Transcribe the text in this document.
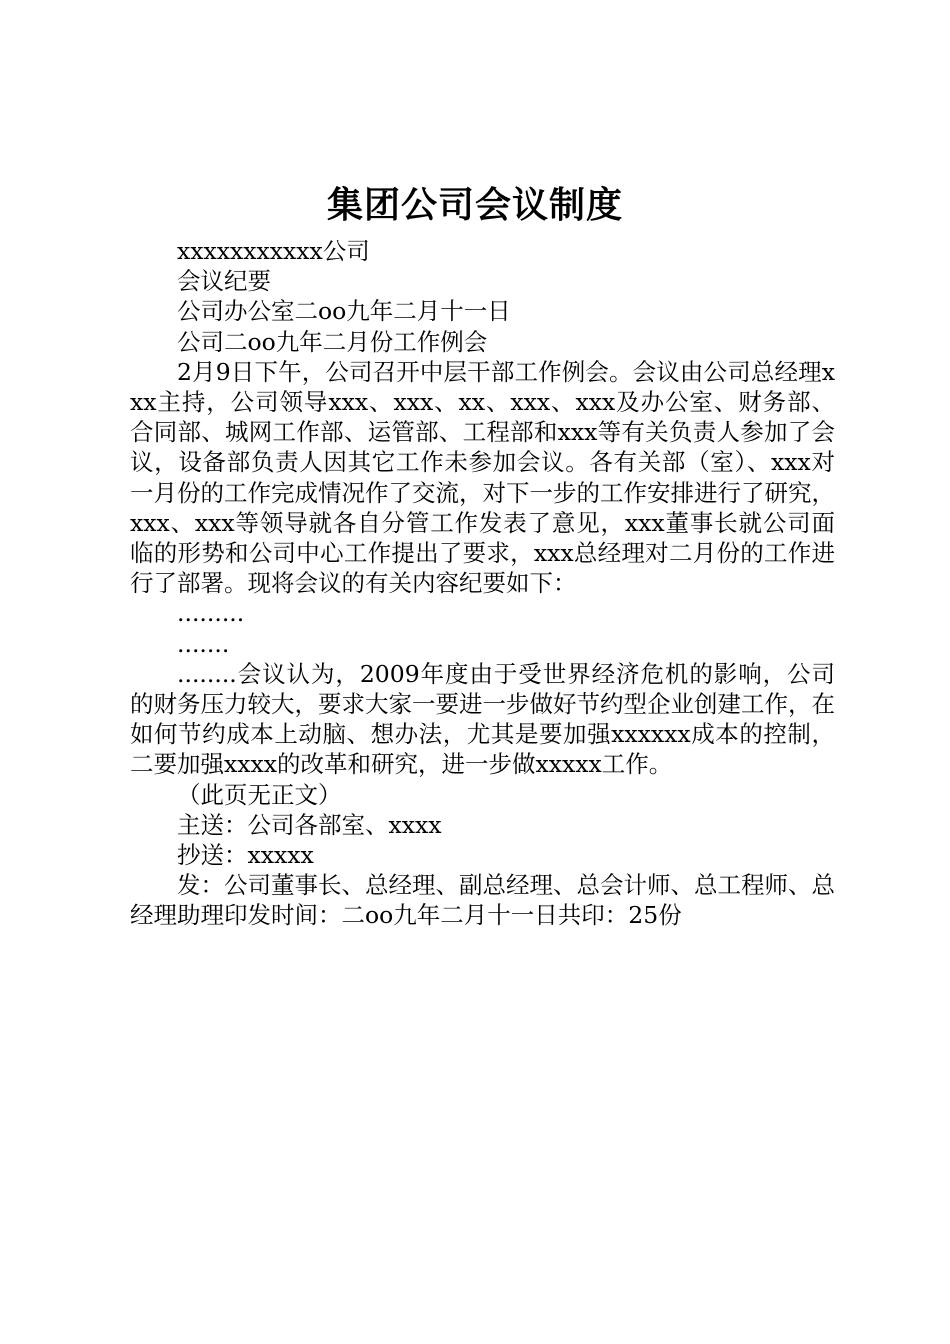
集团公司会议制度

xxxxxxxxxxx公司

会议纪要

公司办公室二oo九年二月十一日

公司二oo九年二月份工作例会

2月9日下午，公司召开中层干部工作例会。会议由公司总经理xxx主持，公司领导xxx、xxx、xx、xxx、xxx及办公室、财务部、合同部、城网工作部、运管部、工程部和xxx等有关负责人参加了会议，设备部负责人因其它工作未参加会议。各有关部（室）、xxx对一月份的工作完成情况作了交流，对下一步的工作安排进行了研究，xxx、xxx等领导就各自分管工作发表了意见，xxx董事长就公司面临的形势和公司中心工作提出了要求，xxx总经理对二月份的工作进行了部署。现将会议的有关内容纪要如下：

.........

.......

........会议认为，2009年度由于受世界经济危机的影响，公司的财务压力较大，要求大家一要进一步做好节约型企业创建工作，在如何节约成本上动脑、想办法，尤其是要加强xxxxxx成本的控制，二要加强xxxx的改革和研究，进一步做xxxxx工作。

（此页无正文）

主送：公司各部室、xxxx

抄送：xxxxx

发：公司董事长、总经理、副总经理、总会计师、总工程师、总经理助理印发时间：二oo九年二月十一日共印：25份
